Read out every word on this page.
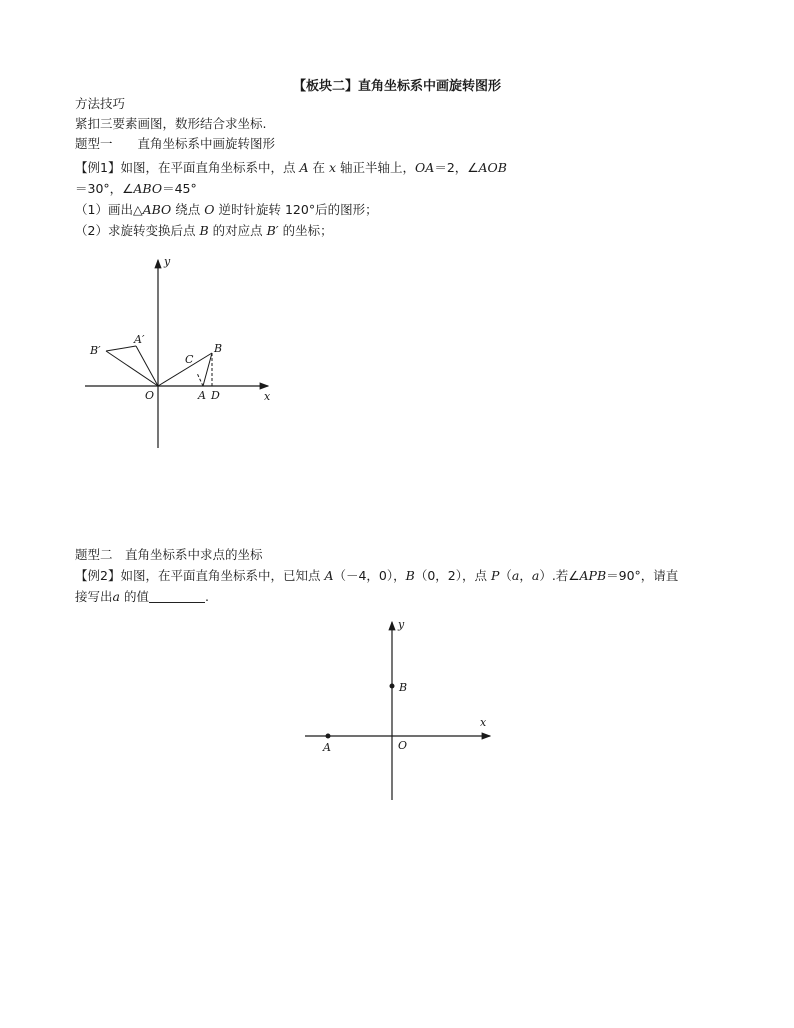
【板块二】直角坐标系中画旋转图形
方法技巧
紧扣三要素画图，数形结合求坐标.
题型一　　直角坐标系中画旋转图形
【例1】如图，在平面直角坐标系中，点 A 在 x 轴正半轴上，OA＝2，∠AOB
＝30°，∠ABO＝45°
（1）画出△ABO 绕点 O 逆时针旋转 120°后的图形；
（2）求旋转变换后点 B 的对应点 B′ 的坐标；
y
x
O	A D
B
C
A′
B′
题型二　直角坐标系中求点的坐标
【例2】如图，在平面直角坐标系中，已知点 A（－4，0），B（0，2），点 P（a，a）.若∠APB＝90°，请直
接写出a 的值	.
y
x
O
A
B
